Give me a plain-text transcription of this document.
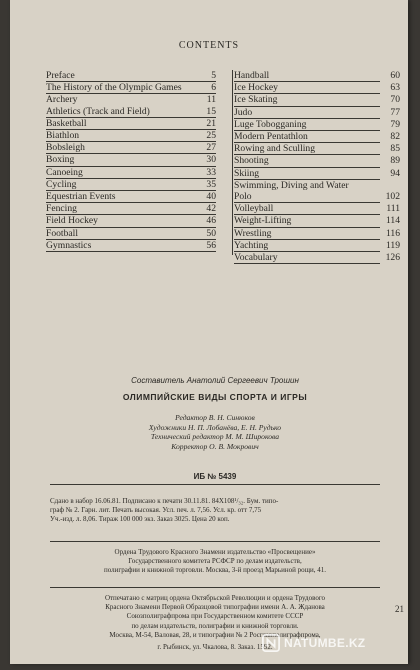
CONTENTS
Preface	5
The History of the Olympic Games	6
Archery	11
Athletics (Track and Field)	15
Basketball	21
Biathlon	25
Bobsleigh	27
Boxing	30
Canoeing	33
Cycling	35
Equestrian Events	40
Fencing	42
Field Hockey	46
Football	50
Gymnastics	56
Handball	60
Ice Hockey	63
Ice Skating	70
Judo	77
Luge Tobogganing	79
Modern Pentathlon	82
Rowing and Sculling	85
Shooting	89
Skiing	94
Swimming, Diving and Water Polo	102
Volleyball	111
Weight-Lifting	114
Wrestling	116
Yachting	119
Vocabulary	126
Составитель Анатолий Сергеевич Трошин
ОЛИМПИЙСКИЕ ВИДЫ СПОРТА И ИГРЫ
Редактор В. Н. Синюков
Художники Н. П. Лобанёва, Е. Н. Рудько
Технический редактор М. М. Широкова
Корректор О. В. Мокрович
ИБ № 5439
Сдано в набор 16.06.81. Подписано к печати 30.11.81. 84Х108¹/₃₂. Бум. типо-
граф № 2. Гарн. лит. Печать высокая. Усл. печ. л. 7,56. Усл. кр. отт 7,75
Уч.-изд. л. 8,06. Тираж 100 000 экз. Заказ 3025. Цена 20 коп.
Ордена Трудового Красного Знамени издательство «Просвещение»
Государственного комитета РСФСР по делам издательств,
полиграфии и книжной торговли. Москва, 3-й проезд Марьиной рощи, 41.
Отпечатано с матриц ордена Октябрьской Революции и ордена Трудового
Красного Знамени Первой Образцовой типографии имени А. А. Жданова
Союзполиграфпрома при Государственном комитете СССР
по делам издательств, полиграфии и книжной торговли.
Москва, М-54, Валовая, 28, и типографии № 2 Росглавполиграфпрома,
г. Рыбинск, ул. Чкалова, 8. Заказ. 1592.
21
NATUMBE.KZ
